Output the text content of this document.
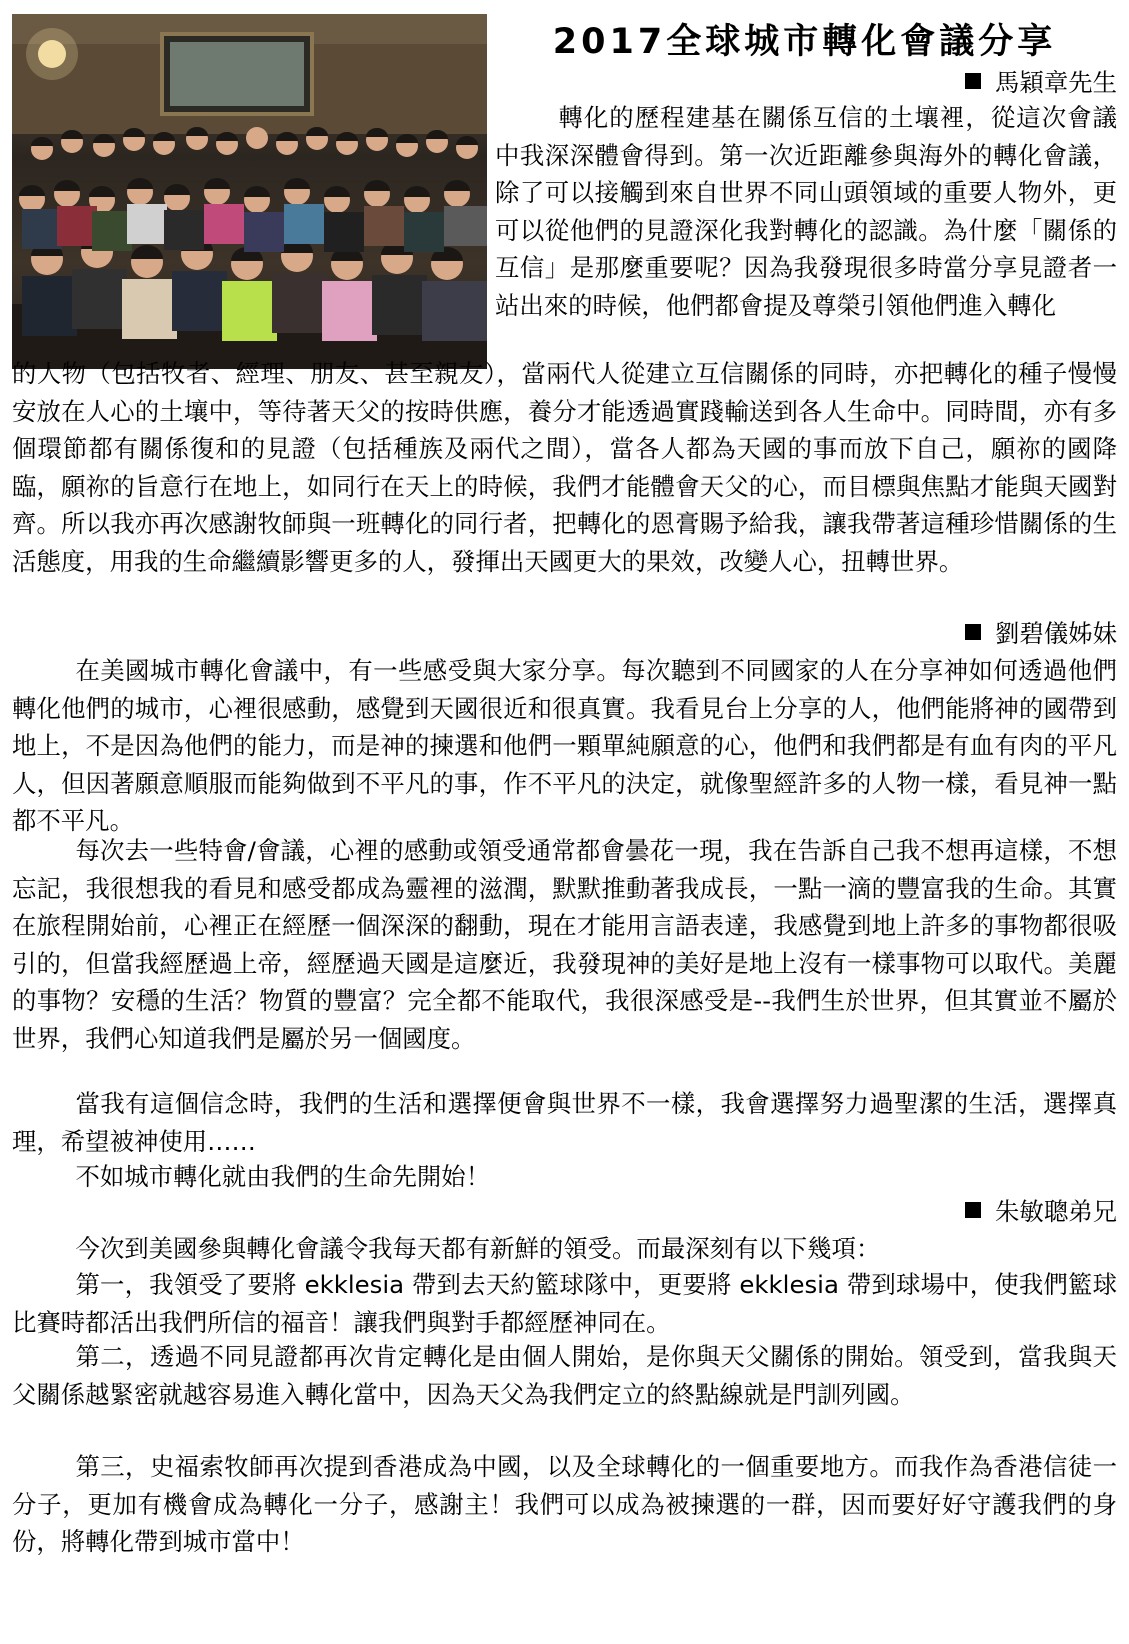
2017全球城市轉化會議分享
馬穎章先生

轉化的歷程建基在關係互信的土壤裡，從這次會議中我深深體會得到。第一次近距離參與海外的轉化會議，除了可以接觸到來自世界不同山頭領域的重要人物外，更可以從他們的見證深化我對轉化的認識。為什麼「關係的互信」是那麼重要呢？因為我發現很多時當分享見證者一站出來的時候，他們都會提及尊榮引領他們進入轉化

的人物（包括牧者、經理、朋友、甚至親友），當兩代人從建立互信關係的同時，亦把轉化的種子慢慢安放在人心的土壤中，等待著天父的按時供應，養分才能透過實踐輸送到各人生命中。同時間，亦有多個環節都有關係復和的見證（包括種族及兩代之間），當各人都為天國的事而放下自己，願祢的國降臨，願祢的旨意行在地上，如同行在天上的時候，我們才能體會天父的心，而目標與焦點才能與天國對齊。所以我亦再次感謝牧師與一班轉化的同行者，把轉化的恩膏賜予給我，讓我帶著這種珍惜關係的生活態度，用我的生命繼續影響更多的人，發揮出天國更大的果效，改變人心，扭轉世界。

劉碧儀姊妹

在美國城市轉化會議中，有一些感受與大家分享。每次聽到不同國家的人在分享神如何透過他們轉化他們的城市，心裡很感動，感覺到天國很近和很真實。我看見台上分享的人，他們能將神的國帶到地上，不是因為他們的能力，而是神的揀選和他們一顆單純願意的心，他們和我們都是有血有肉的平凡人，但因著願意順服而能夠做到不平凡的事，作不平凡的決定，就像聖經許多的人物一樣，看見神一點都不平凡。

每次去一些特會/會議，心裡的感動或領受通常都會曇花一現，我在告訴自己我不想再這樣，不想忘記，我很想我的看見和感受都成為靈裡的滋潤，默默推動著我成長，一點一滴的豐富我的生命。其實在旅程開始前，心裡正在經歷一個深深的翻動，現在才能用言語表達，我感覺到地上許多的事物都很吸引的，但當我經歷過上帝，經歷過天國是這麼近，我發現神的美好是地上沒有一樣事物可以取代。美麗的事物？安穩的生活？物質的豐富？完全都不能取代，我很深感受是--我們生於世界，但其實並不屬於世界，我們心知道我們是屬於另一個國度。

當我有這個信念時，我們的生活和選擇便會與世界不一樣，我會選擇努力過聖潔的生活，選擇真理，希望被神使用……

不如城市轉化就由我們的生命先開始！

朱敏聰弟兄

今次到美國參與轉化會議令我每天都有新鮮的領受。而最深刻有以下幾項：

第一，我領受了要將 ekklesia 帶到去天約籃球隊中，更要將 ekklesia 帶到球場中，使我們籃球比賽時都活出我們所信的福音！讓我們與對手都經歷神同在。

第二，透過不同見證都再次肯定轉化是由個人開始，是你與天父關係的開始。領受到，當我與天父關係越緊密就越容易進入轉化當中，因為天父為我們定立的終點線就是門訓列國。

第三，史福索牧師再次提到香港成為中國，以及全球轉化的一個重要地方。而我作為香港信徒一分子，更加有機會成為轉化一分子，感謝主！我們可以成為被揀選的一群，因而要好好守護我們的身份，將轉化帶到城市當中！
